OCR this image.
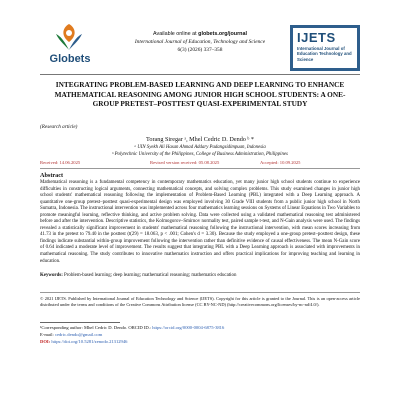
Globets
Available online at globets.org/journal
International Journal of Education, Technology and Science
6(3) (2026) 337–358
IJETS
International Journal of Education Technology and Science
INTEGRATING PROBLEM-BASED LEARNING AND DEEP LEARNING TO ENHANCE MATHEMATICAL REASONING AMONG JUNIOR HIGH SCHOOL STUDENTS: A ONE-GROUP PRETEST–POSTTEST QUASI-EXPERIMENTAL STUDY
(Research article)
Torang Siregar ᵃ, Mhel Cedric D. Dendo ᵇ *
ᵃ UIN Syekh Ali Hasan Ahmad Addary Padangsidimpuan, Indonesia
ᵇ Polytechnic University of the Philippines, College of Business Administration, Philippines
Received: 14.06.2025	Revised version received: 05.08.2025	Accepted: 10.09.2025
Abstract
Mathematical reasoning is a fundamental competency in contemporary mathematics education, yet many junior high school students continue to experience difficulties in constructing logical arguments, connecting mathematical concepts, and solving complex problems. This study examined changes in junior high school students' mathematical reasoning following the implementation of Problem-Based Learning (PBL) integrated with a Deep Learning approach. A quantitative one-group pretest–posttest quasi-experimental design was employed involving 30 Grade VIII students from a public junior high school in North Sumatra, Indonesia. The instructional intervention was implemented across four mathematics learning sessions on Systems of Linear Equations in Two Variables to promote meaningful learning, reflective thinking, and active problem solving. Data were collected using a validated mathematical reasoning test administered before and after the intervention. Descriptive statistics, the Kolmogorov–Smirnov normality test, paired sample t-test, and N-Gain analysis were used. The findings revealed a statistically significant improvement in students' mathematical reasoning following the instructional intervention, with mean scores increasing from 41.73 in the pretest to 79.40 in the posttest (t(29) = 18.063, p < .001; Cohen's d = 3.30). Because the study employed a one-group pretest–posttest design, these findings indicate substantial within-group improvement following the intervention rather than definitive evidence of causal effectiveness. The mean N-Gain score of 0.64 indicated a moderate level of improvement. The results suggest that integrating PBL with a Deep Learning approach is associated with improvements in mathematical reasoning. The study contributes to innovative mathematics instruction and offers practical implications for improving teaching and learning in education.
Keywords: Problem-based learning; deep learning; mathematical reasoning; mathematics education
© 2021 IJETS. Published by International Journal of Education Technology and Science (IJETS). Copyright for this article is granted to the Journal. This is an open-access article distributed under the terms and conditions of the Creative Commons Attribution license (CC BY-NC-ND) (http://creativecommons.org/licenses/by-nc-nd/4.0/).
¹Corresponding author: Mhel Cedric D. Dendo. ORCID ID.: https://orcid.org/0000-0004-6875-3816
E-mail: cedric.dendo@gmail.com
DOI: https://doi.org/10.5281/zenodo.21312946
